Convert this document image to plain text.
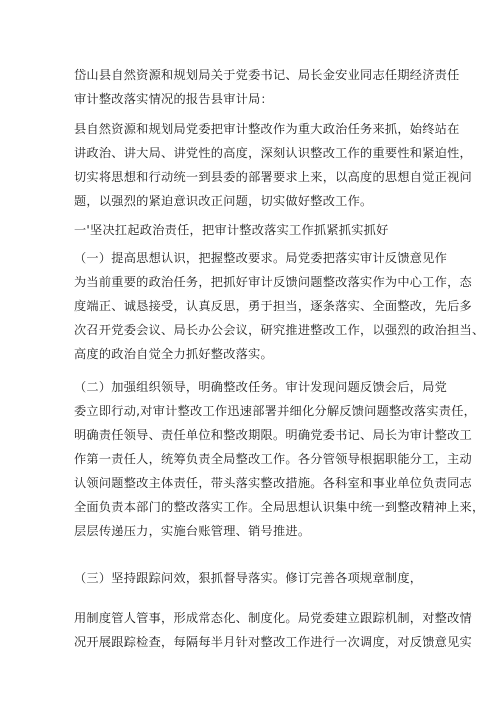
岱山县自然资源和规划局关于党委书记、局长金安业同志任期经济责任
审计整改落实情况的报告县审计局：
县自然资源和规划局党委把审计整改作为重大政治任务来抓，始终站在
讲政治、讲大局、讲党性的高度，深刻认识整改工作的重要性和紧迫性，
切实将思想和行动统一到县委的部署要求上来，以高度的思想自觉正视问
题，以强烈的紧迫意识改正问题，切实做好整改工作。
一'坚决扛起政治责任，把审计整改落实工作抓紧抓实抓好
（一）提高思想认识，把握整改要求。局党委把落实审计反馈意见作
为当前重要的政治任务，把抓好审计反馈问题整改落实作为中心工作，态
度端正、诚恳接受，认真反思，勇于担当，逐条落实、全面整改，先后多
次召开党委会议、局长办公会议，研究推进整改工作，以强烈的政治担当、
高度的政治自觉全力抓好整改落实。
（二）加强组织领导，明确整改任务。审计发现问题反馈会后，局党
委立即行动,对审计整改工作迅速部署并细化分解反馈问题整改落实责任，
明确责任领导、责任单位和整改期限。明确党委书记、局长为审计整改工
作第一责任人，统筹负责全局整改工作。各分管领导根据职能分工，主动
认领问题整改主体责任，带头落实整改措施。各科室和事业单位负责同志
全面负责本部门的整改落实工作。全局思想认识集中统一到整改精神上来，
层层传递压力，实施台账管理、销号推进。
（三）坚持跟踪问效，狠抓督导落实。修订完善各项规章制度，
用制度管人管事，形成常态化、制度化。局党委建立跟踪机制，对整改情
况开展跟踪检查，每隔每半月针对整改工作进行一次调度，对反馈意见实
